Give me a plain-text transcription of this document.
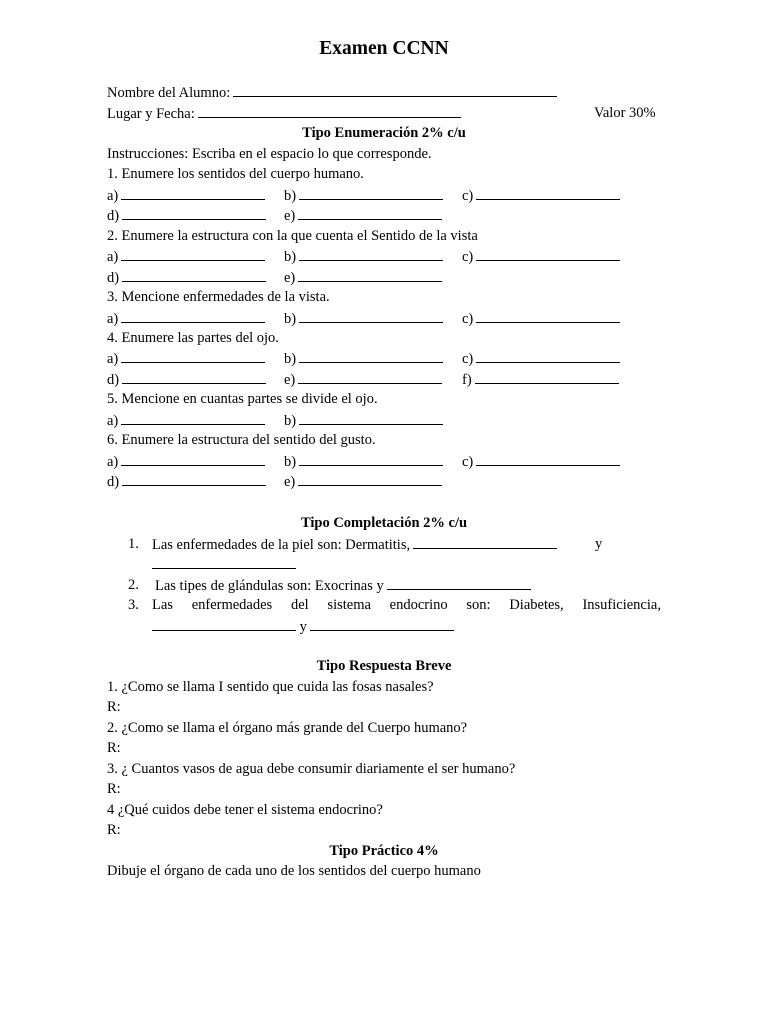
Examen CCNN
Nombre del Alumno:
Lugar y Fecha:	Valor 30%
Tipo Enumeración 2% c/u
Instrucciones: Escriba en el espacio lo que corresponde.
1. Enumere los sentidos del cuerpo humano.
a)	b)	c)
d)	e)
2. Enumere la estructura con la que cuenta el Sentido de la vista
a)	b)	c)
d)	e)
3. Mencione enfermedades de la vista.
a)	b)	c)
4. Enumere las partes del ojo.
a)	b)	c)
d)	e)	f)
5. Mencione en cuantas partes se divide el ojo.
a)	b)
6. Enumere la estructura del sentido del gusto.
a)	b)	c)
d)	e)
Tipo Completación 2% c/u
1. Las enfermedades de la piel son: Dermatitis,	y
2. Las tipes de glándulas son: Exocrinas y
3. Las enfermedades del sistema endocrino son: Diabetes, Insuficiencia,
y
Tipo Respuesta Breve
1. ¿Como se llama I sentido que cuida las fosas nasales?
R:
2. ¿Como se llama el órgano más grande del Cuerpo humano?
R:
3. ¿ Cuantos vasos de agua debe consumir diariamente el ser humano?
R:
4 ¿Qué cuidos debe tener el sistema endocrino?
R:
Tipo Práctico 4%
Dibuje el órgano de cada uno de los sentidos del cuerpo humano
